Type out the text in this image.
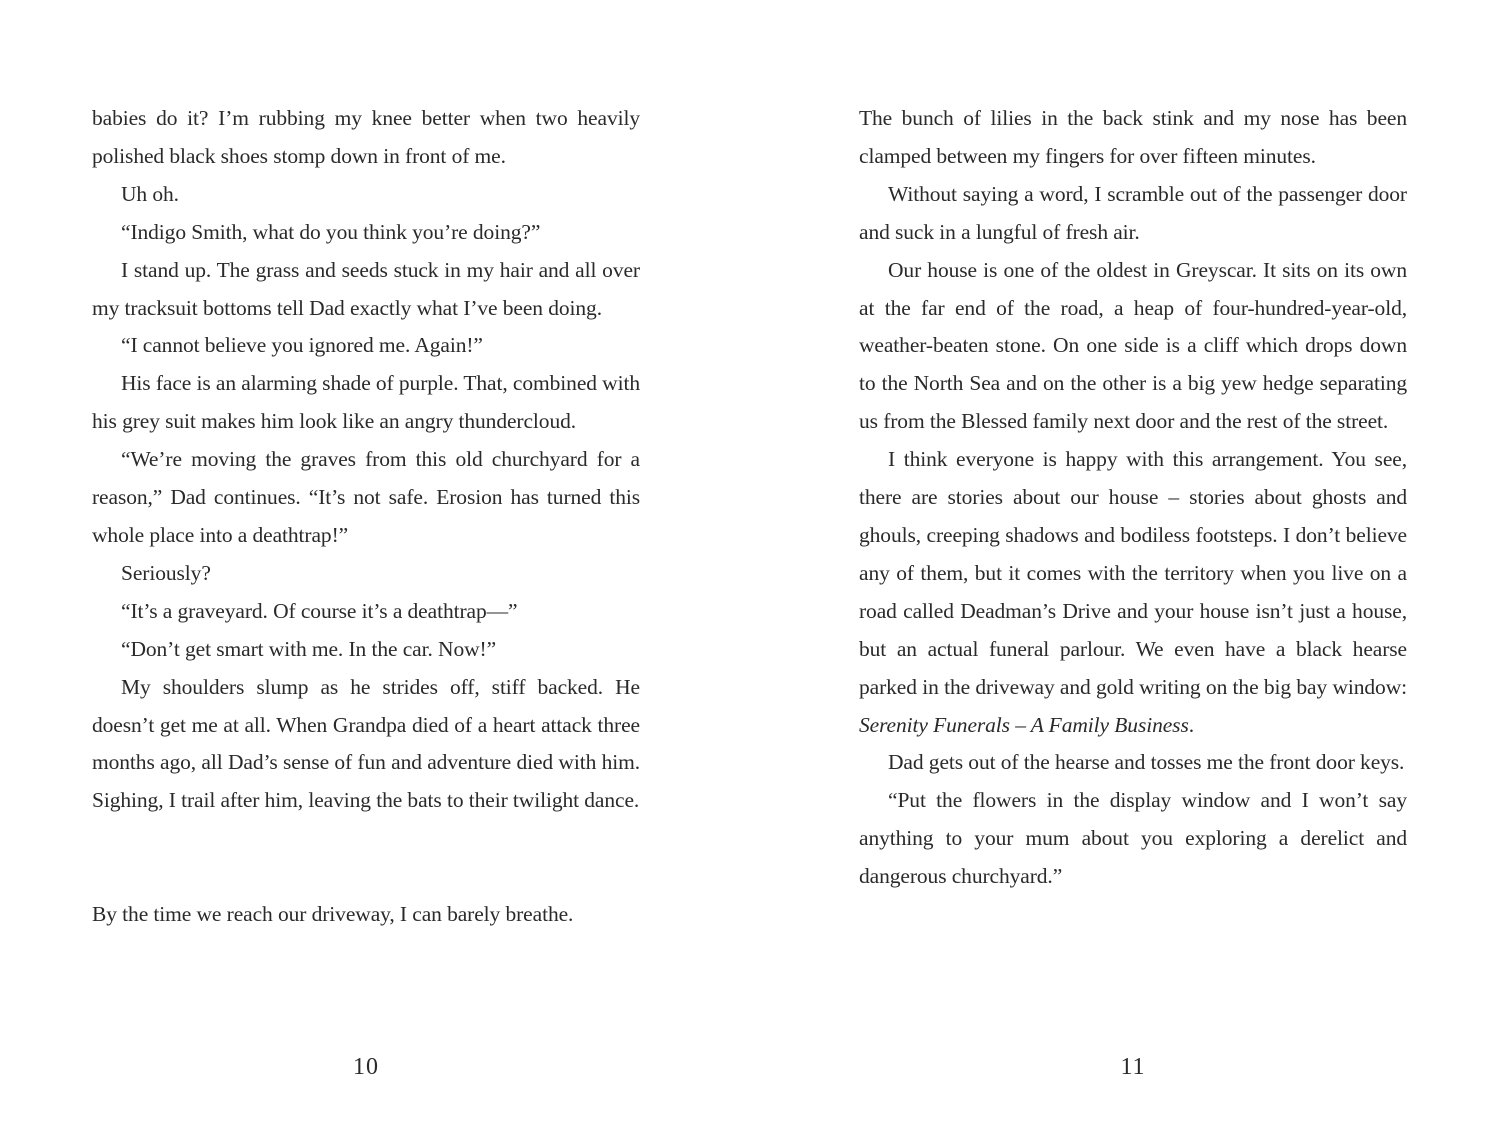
babies do it? I’m rubbing my knee better when two heavily polished black shoes stomp down in front of me.

Uh oh.

“Indigo Smith, what do you think you’re doing?”

I stand up. The grass and seeds stuck in my hair and all over my tracksuit bottoms tell Dad exactly what I’ve been doing.

“I cannot believe you ignored me. Again!”

His face is an alarming shade of purple. That, combined with his grey suit makes him look like an angry thundercloud.

“We’re moving the graves from this old churchyard for a reason,” Dad continues. “It’s not safe. Erosion has turned this whole place into a deathtrap!”

Seriously?

“It’s a graveyard. Of course it’s a deathtrap—”

“Don’t get smart with me. In the car. Now!”

My shoulders slump as he strides off, stiff backed. He doesn’t get me at all. When Grandpa died of a heart attack three months ago, all Dad’s sense of fun and adventure died with him. Sighing, I trail after him, leaving the bats to their twilight dance.

By the time we reach our driveway, I can barely breathe.

The bunch of lilies in the back stink and my nose has been clamped between my fingers for over fifteen minutes.

Without saying a word, I scramble out of the passenger door and suck in a lungful of fresh air.

Our house is one of the oldest in Greyscar. It sits on its own at the far end of the road, a heap of four-hundred-year-old, weather-beaten stone. On one side is a cliff which drops down to the North Sea and on the other is a big yew hedge separating us from the Blessed family next door and the rest of the street.

I think everyone is happy with this arrangement. You see, there are stories about our house – stories about ghosts and ghouls, creeping shadows and bodiless footsteps. I don’t believe any of them, but it comes with the territory when you live on a road called Deadman’s Drive and your house isn’t just a house, but an actual funeral parlour. We even have a black hearse parked in the driveway and gold writing on the big bay window: Serenity Funerals – A Family Business.

Dad gets out of the hearse and tosses me the front door keys.

“Put the flowers in the display window and I won’t say anything to your mum about you exploring a derelict and dangerous churchyard.”

10	11
